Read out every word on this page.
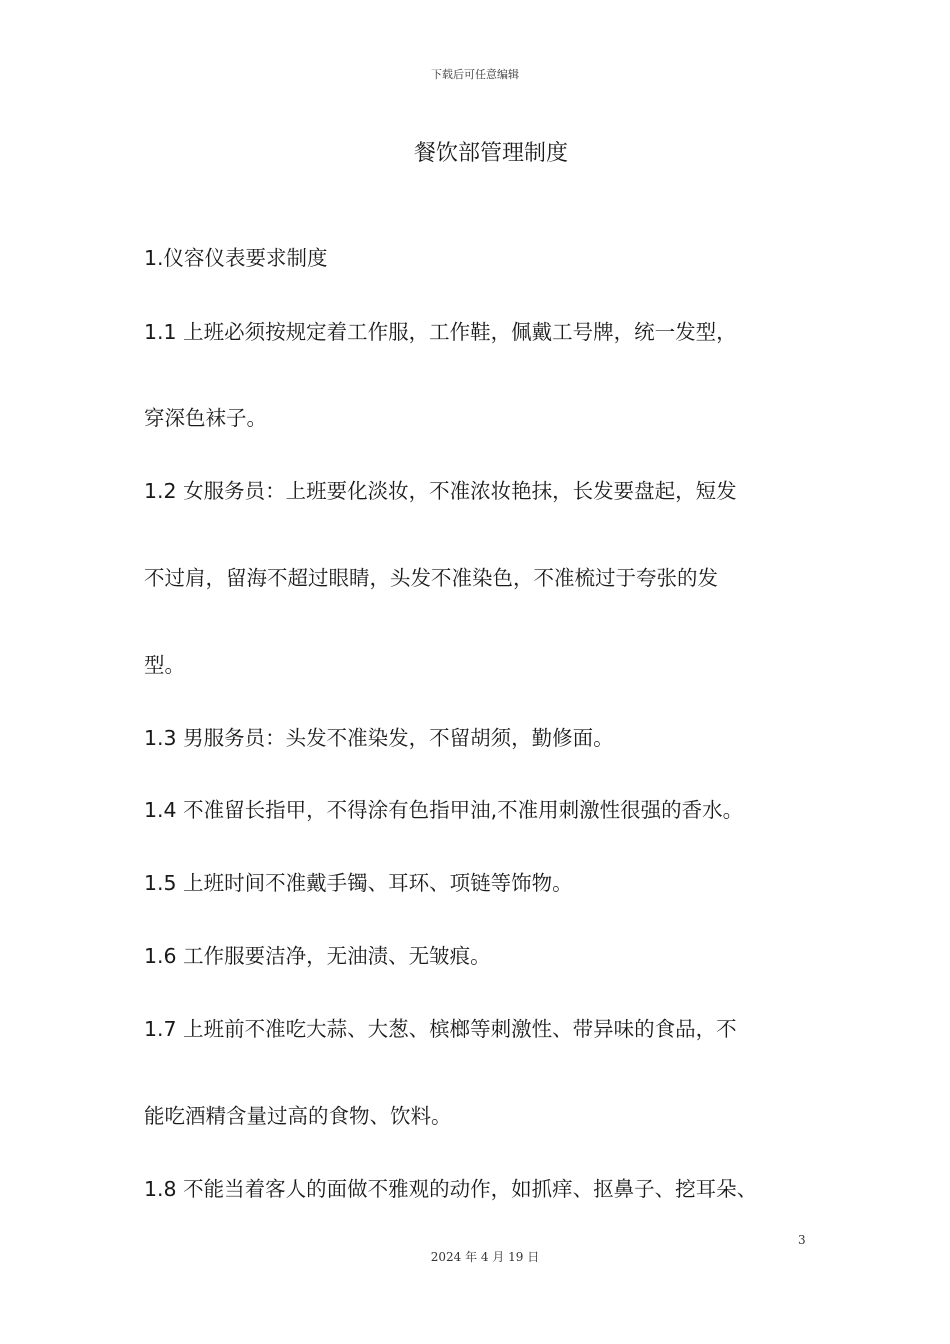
下载后可任意编辑
餐饮部管理制度
1.仪容仪表要求制度
1.1 上班必须按规定着工作服，工作鞋，佩戴工号牌，统一发型，
穿深色袜子。
1.2 女服务员：上班要化淡妆，不准浓妆艳抹，长发要盘起，短发
不过肩，留海不超过眼睛，头发不准染色，不准梳过于夸张的发
型。
1.3 男服务员：头发不准染发，不留胡须，勤修面。
1.4 不准留长指甲，不得涂有色指甲油,不准用刺激性很强的香水。
1.5 上班时间不准戴手镯、耳环、项链等饰物。
1.6 工作服要洁净，无油渍、无皱痕。
1.7 上班前不准吃大蒜、大葱、槟榔等刺激性、带异味的食品，不
能吃酒精含量过高的食物、饮料。
1.8 不能当着客人的面做不雅观的动作，如抓痒、抠鼻子、挖耳朵、
3
2024 年 4 月 19 日
